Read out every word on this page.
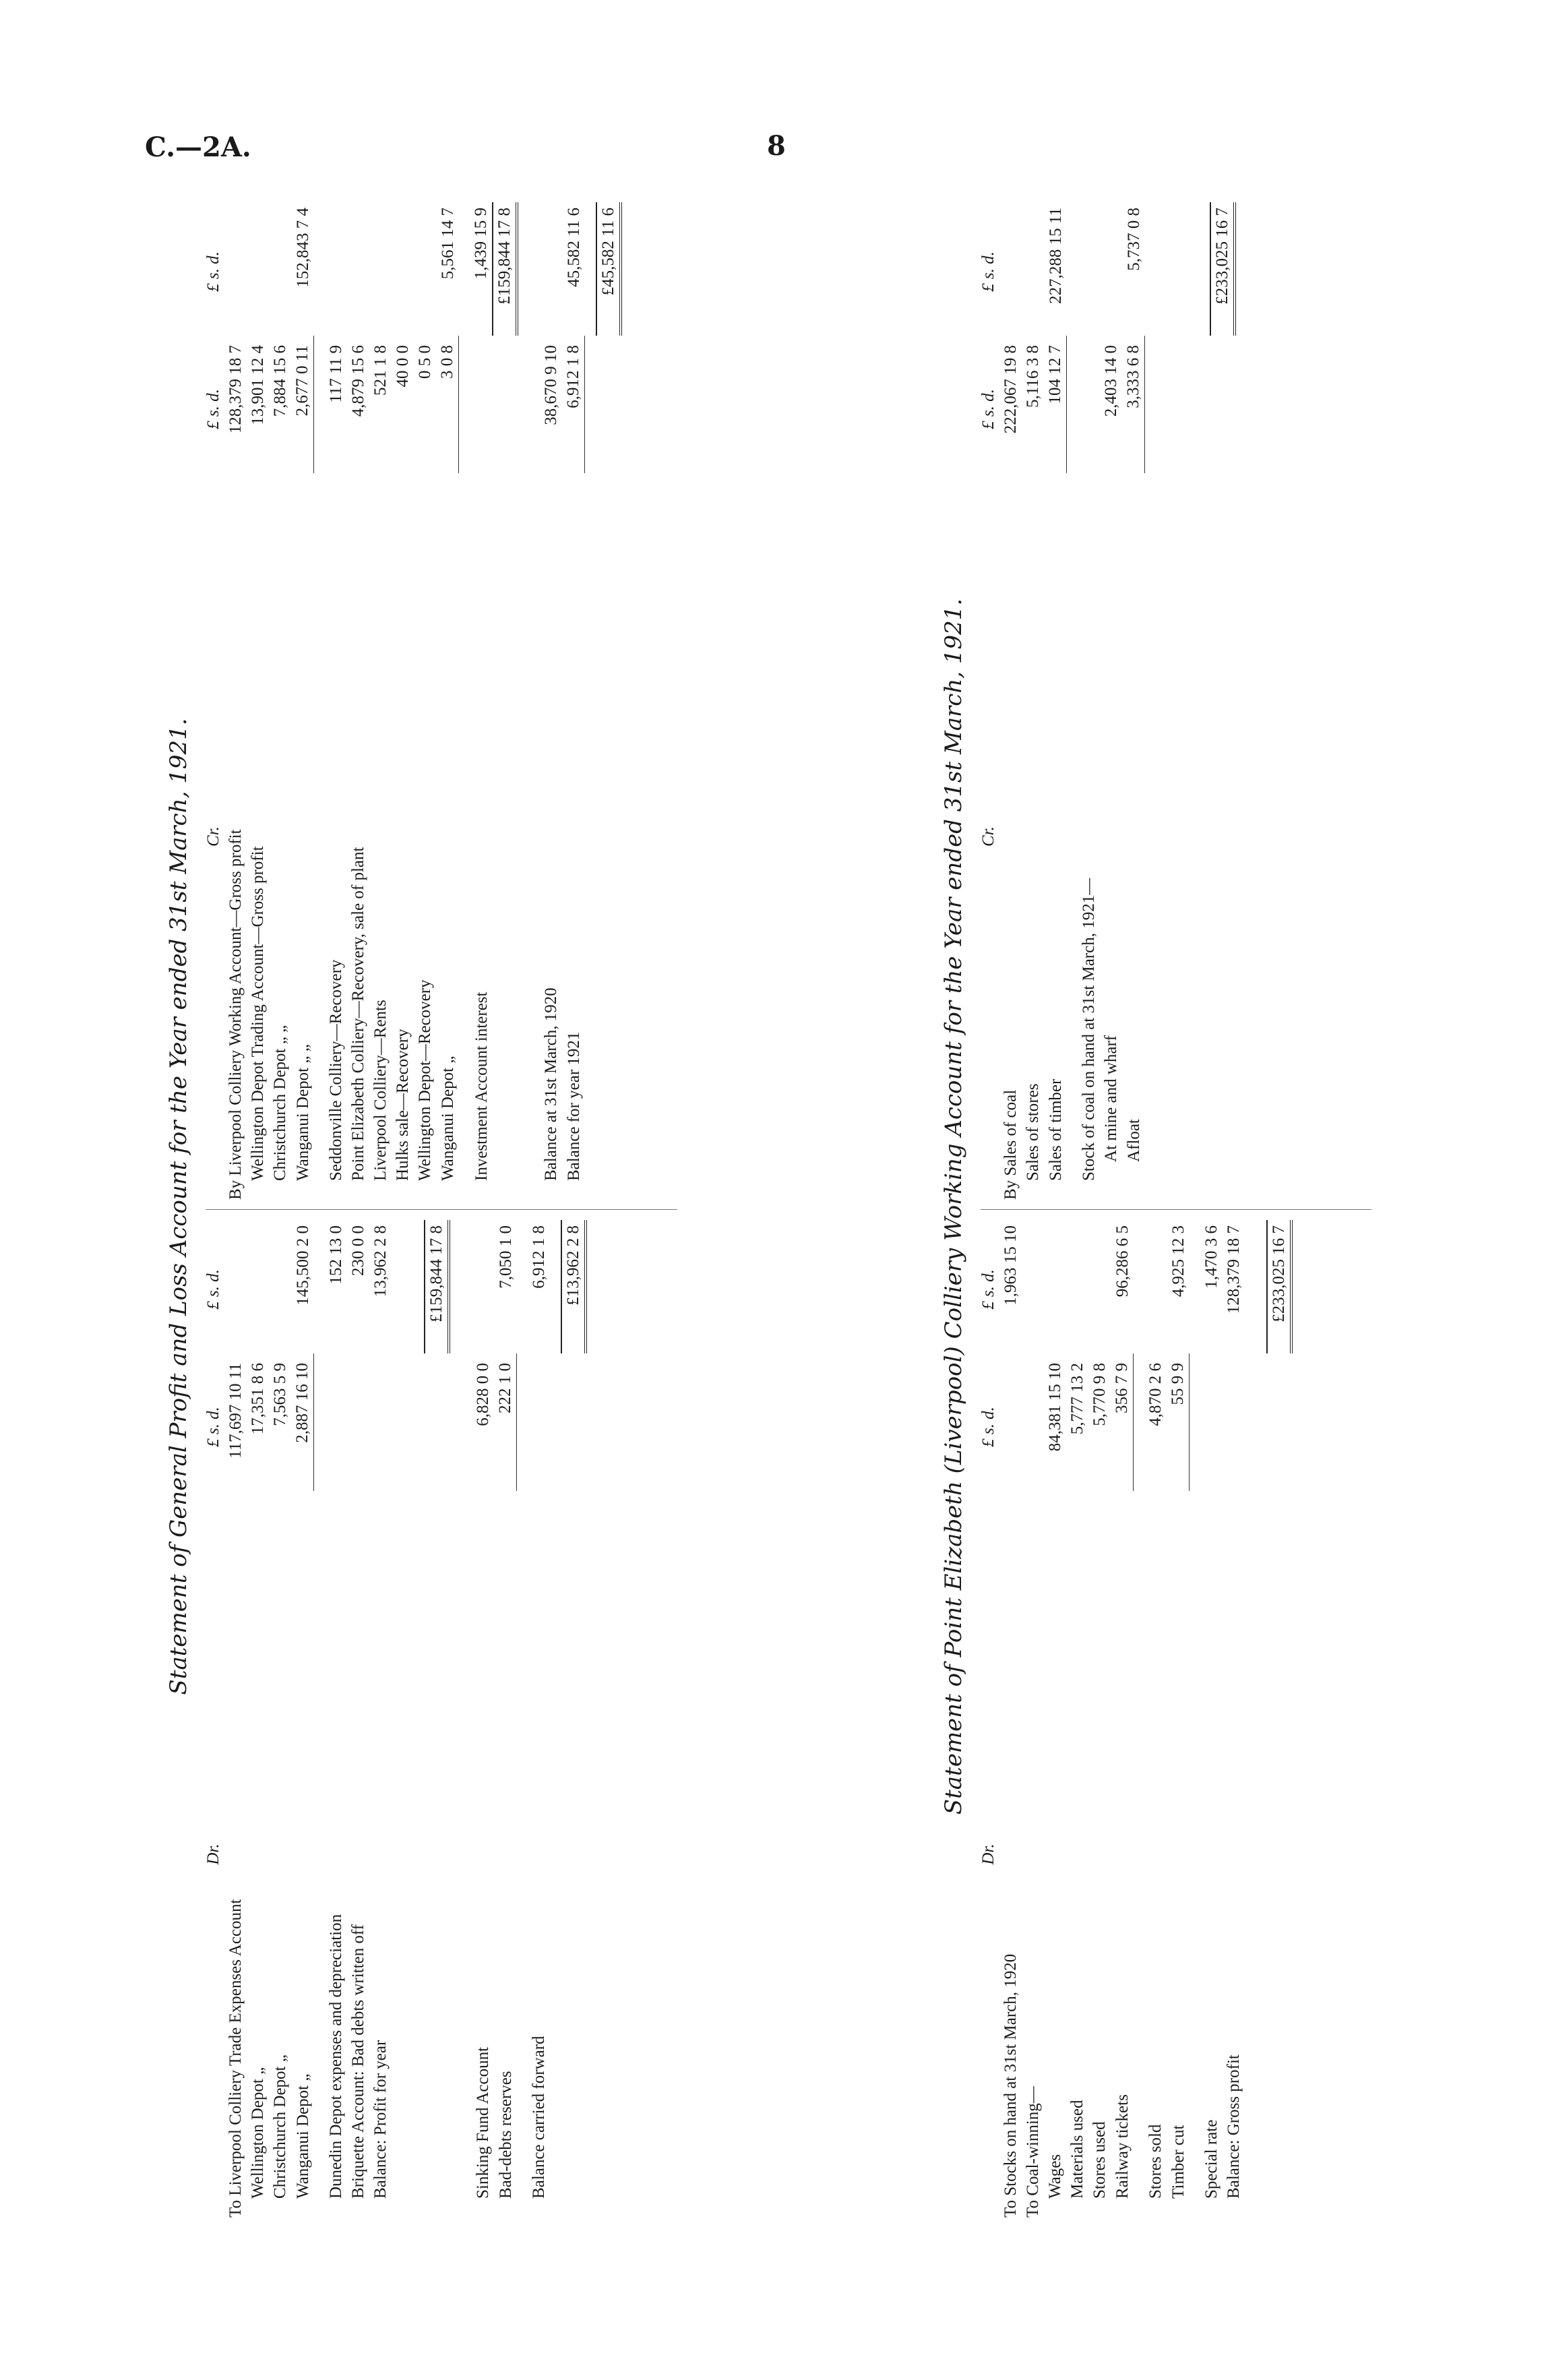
C.—2A.	8
Statement of General Profit and Loss Account for the Year ended 31st March, 1921.
Dr.	£ s. d.	£ s. d.
To Liverpool Colliery Trade Expenses Account	117,697 10 11	
Wellington Depot „	17,351 8 6	
Christchurch Depot „	7,563 5 9	
Wanganui Depot „	2,887 16 10	145,500 2 0

Dunedin Depot expenses and depreciation		152 13 0
Briquette Account: Bad debts written off		230 0 0
Balance: Profit for year		13,962 2 8

		£159,844 17 8

Sinking Fund Account	6,828 0 0	
Bad-debts reserves	222 1 0	7,050 1 0

Balance carried forward		6,912 1 8

		£13,962 2 8
Cr.	£ s. d.	£ s. d.
By Liverpool Colliery Working Account—Gross profit	128,379 18 7	
Wellington Depot Trading Account—Gross profit	13,901 12 4	
Christchurch Depot „ „	7,884 15 6	
Wanganui Depot „ „	2,677 0 11	152,843 7 4

Seddonville Colliery—Recovery	117 11 9	
Point Elizabeth Colliery—Recovery, sale of plant	4,879 15 6	
Liverpool Colliery—Rents	521 1 8	
Hulks sale—Recovery	40 0 0	
Wellington Depot—Recovery	0 5 0	
Wanganui Depot „	3 0 8	5,561 14 7

Investment Account interest		1,439 15 9
		£159,844 17 8

Balance at 31st March, 1920	38,670 9 10	
Balance for year 1921	6,912 1 8	45,582 11 6

		£45,582 11 6
Statement of Point Elizabeth (Liverpool) Colliery Working Account for the Year ended 31st March, 1921.
Dr.	£ s. d.	£ s. d.
To Stocks on hand at 31st March, 1920		1,963 15 10
To Coal-winning—		
Wages	84,381 15 10	
Materials used	5,777 13 2	
Stores used	5,770 9 8	
Railway tickets	356 7 9	96,286 6 5

Stores sold	4,870 2 6	
Timber cut	55 9 9	4,925 12 3

Special rate		1,470 3 6
Balance: Gross profit		128,379 18 7

		£233,025 16 7
Cr.	£ s. d.	£ s. d.
By Sales of coal	222,067 19 8	
Sales of stores	5,116 3 8	
Sales of timber	104 12 7	227,288 15 11

Stock of coal on hand at 31st March, 1921—		
At mine and wharf	2,403 14 0	
Afloat	3,333 6 8	5,737 0 8

		£233,025 16 7
